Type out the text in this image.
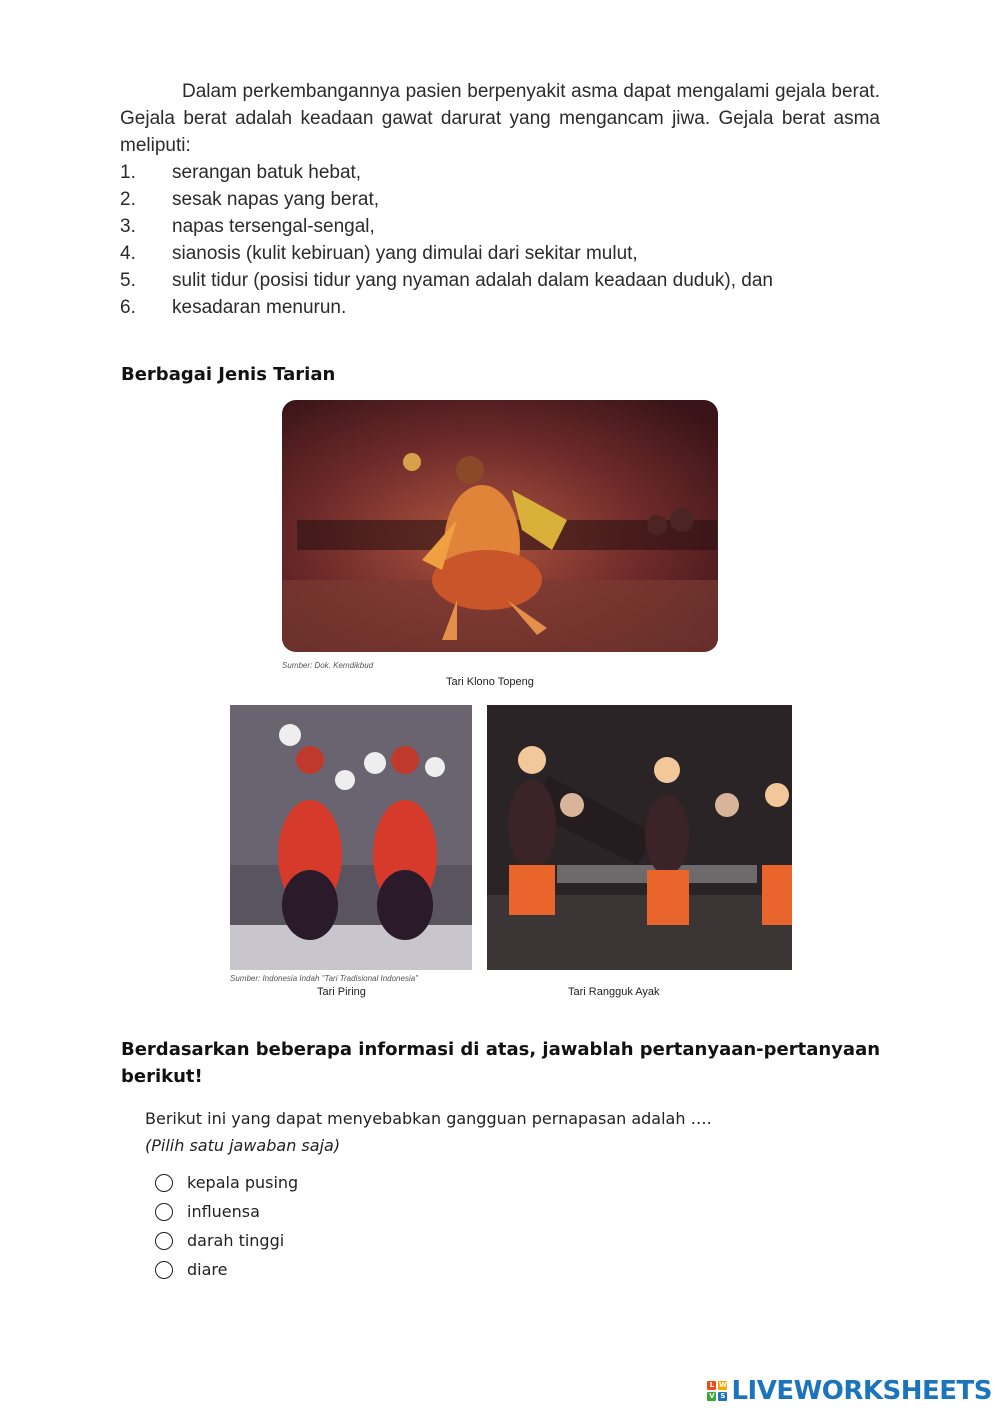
Dalam perkembangannya pasien berpenyakit asma dapat mengalami gejala berat. Gejala berat adalah keadaan gawat darurat yang mengancam jiwa. Gejala berat asma meliputi:

1.	serangan batuk hebat,
2.	sesak napas yang berat,
3.	napas tersengal-sengal,
4.	sianosis (kulit kebiruan) yang dimulai dari sekitar mulut,
5.	sulit tidur (posisi tidur yang nyaman adalah dalam keadaan duduk), dan
6.	kesadaran menurun.
Berbagai Jenis Tarian
Sumber: Dok. Kemdikbud
Tari Klono Topeng
Sumber: Indonesia Indah "Tari Tradisional Indonesia"
Tari Piring	Tari Rangguk Ayak
Berdasarkan beberapa informasi di atas, jawablah pertanyaan-pertanyaan berikut!
Berikut ini yang dapat menyebabkan gangguan pernapasan adalah ….
(Pilih satu jawaban saja)
kepala pusing
influensa
darah tinggi
diare
L W
V S LIVEWORKSHEETS
